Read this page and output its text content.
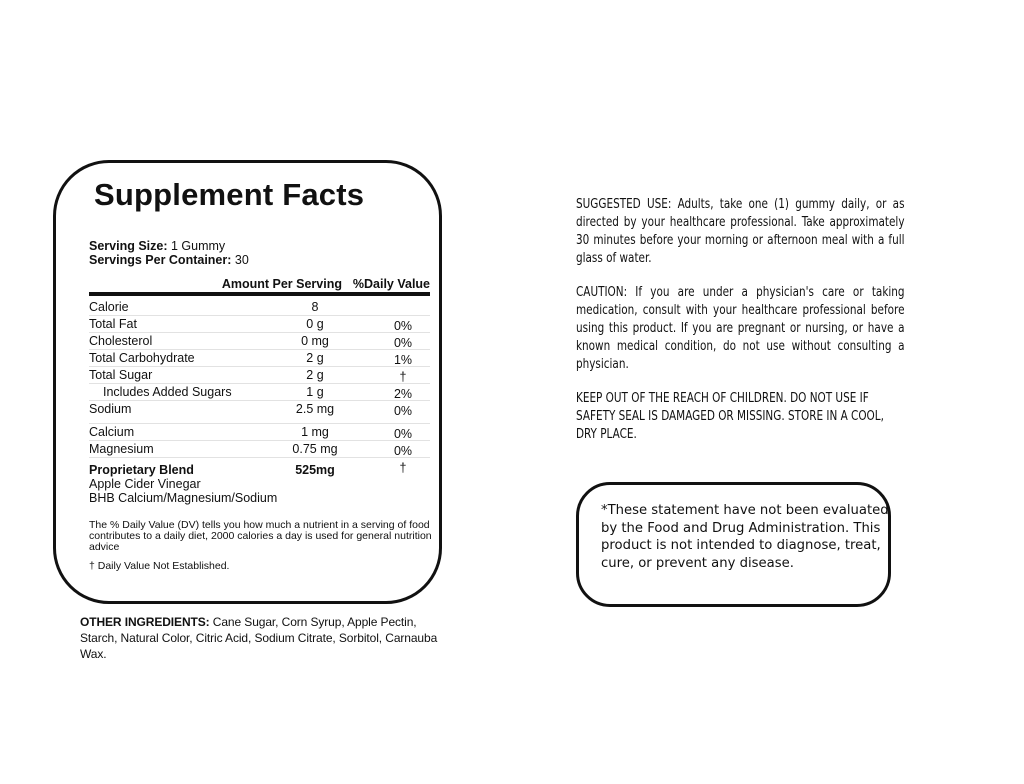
Supplement Facts
Serving Size: 1 Gummy
Servings Per Container: 30
Amount Per Serving %Daily Value
Calorie	8
Total Fat	0 g	0%
Cholesterol	0 mg	0%
Total Carbohydrate	2 g	1%
Total Sugar	2 g	†
Includes Added Sugars	1 g	2%
Sodium	2.5 mg	0%
Calcium	1 mg	0%
Magnesium	0.75 mg	0%
Proprietary Blend	525mg	†
Apple Cider Vinegar
BHB Calcium/Magnesium/Sodium
The % Daily Value (DV) tells you how much a nutrient in a serving of food contributes to a daily diet, 2000 calories a day is used for general nutrition advice
† Daily Value Not Established.
OTHER INGREDIENTS: Cane Sugar, Corn Syrup, Apple Pectin, Starch, Natural Color, Citric Acid, Sodium Citrate, Sorbitol, Carnauba Wax.
SUGGESTED USE: Adults, take one (1) gummy daily, or as directed by your healthcare professional. Take approximately 30 minutes before your morning or afternoon meal with a full glass of water.
CAUTION: If you are under a physician's care or taking medication, consult with your healthcare professional before using this product. If you are pregnant or nursing, or have a known medical condition, do not use without consulting a physician.
KEEP OUT OF THE REACH OF CHILDREN. DO NOT USE IF SAFETY SEAL IS DAMAGED OR MISSING. STORE IN A COOL, DRY PLACE.
*These statement have not been evaluated by the Food and Drug Administration. This product is not intended to diagnose, treat, cure, or prevent any disease.
